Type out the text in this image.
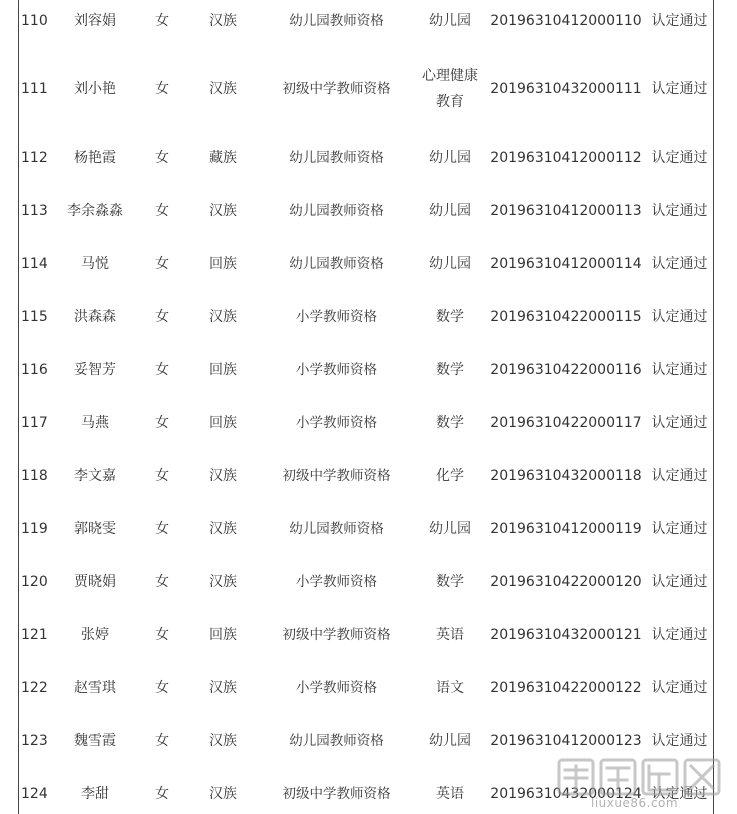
110	刘容娟	女	汉族	幼儿园教师资格	幼儿园	20196310412000110	认定通过
111	刘小艳	女	汉族	初级中学教师资格	心理健康教育	20196310432000111	认定通过
112	杨艳霞	女	藏族	幼儿园教师资格	幼儿园	20196310412000112	认定通过
113	李余淼淼	女	汉族	幼儿园教师资格	幼儿园	20196310412000113	认定通过
114	马悦	女	回族	幼儿园教师资格	幼儿园	20196310412000114	认定通过
115	洪森森	女	汉族	小学教师资格	数学	20196310422000115	认定通过
116	妥智芳	女	回族	小学教师资格	数学	20196310422000116	认定通过
117	马燕	女	回族	小学教师资格	数学	20196310422000117	认定通过
118	李文嘉	女	汉族	初级中学教师资格	化学	20196310432000118	认定通过
119	郭晓雯	女	汉族	幼儿园教师资格	幼儿园	20196310412000119	认定通过
120	贾晓娟	女	汉族	小学教师资格	数学	20196310422000120	认定通过
121	张婷	女	回族	初级中学教师资格	英语	20196310432000121	认定通过
122	赵雪琪	女	汉族	小学教师资格	语文	20196310422000122	认定通过
123	魏雪霞	女	汉族	幼儿园教师资格	幼儿园	20196310412000123	认定通过
124	李甜	女	汉族	初级中学教师资格	英语	20196310432000124	认定通过
liuxue86.com
